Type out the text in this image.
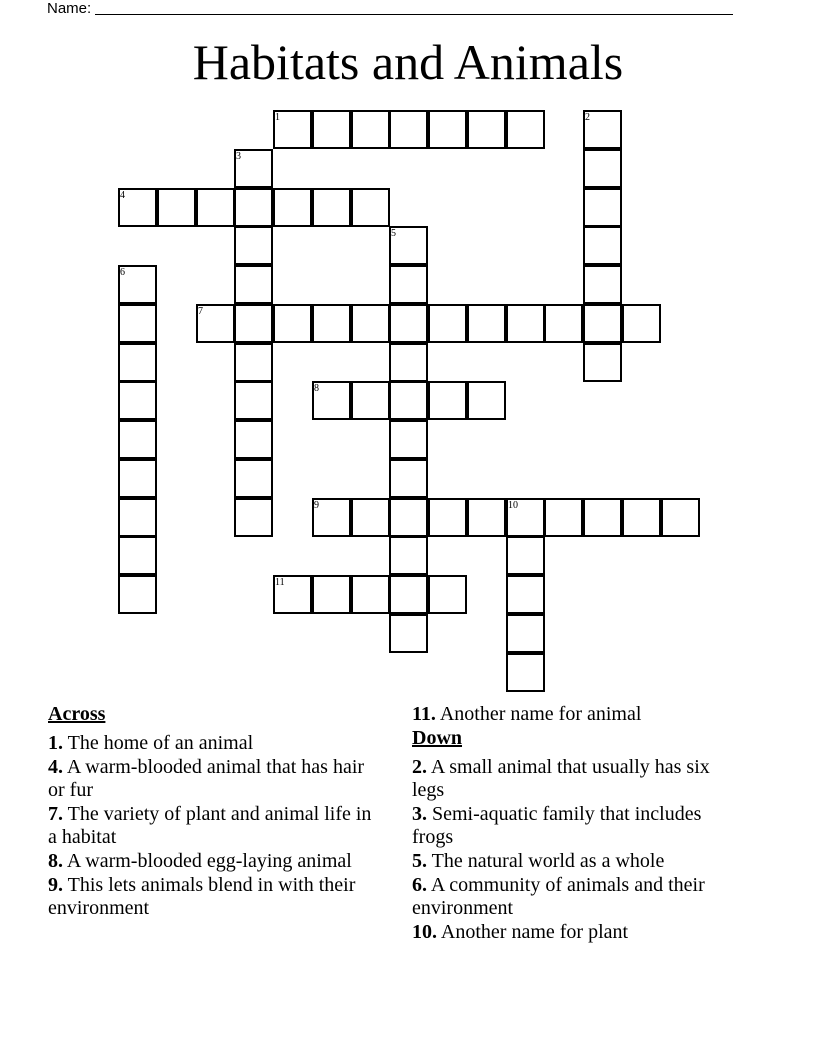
Name:
Habitats and Animals
1	2
3
4
5
6
7
8
9	10
11
Across
1. The home of an animal
4. A warm-blooded animal that has hair or fur
7. The variety of plant and animal life in a habitat
8. A warm-blooded egg-laying animal
9. This lets animals blend in with their environment
11. Another name for animal
Down
2. A small animal that usually has six legs
3. Semi-aquatic family that includes frogs
5. The natural world as a whole
6. A community of animals and their environment
10. Another name for plant
